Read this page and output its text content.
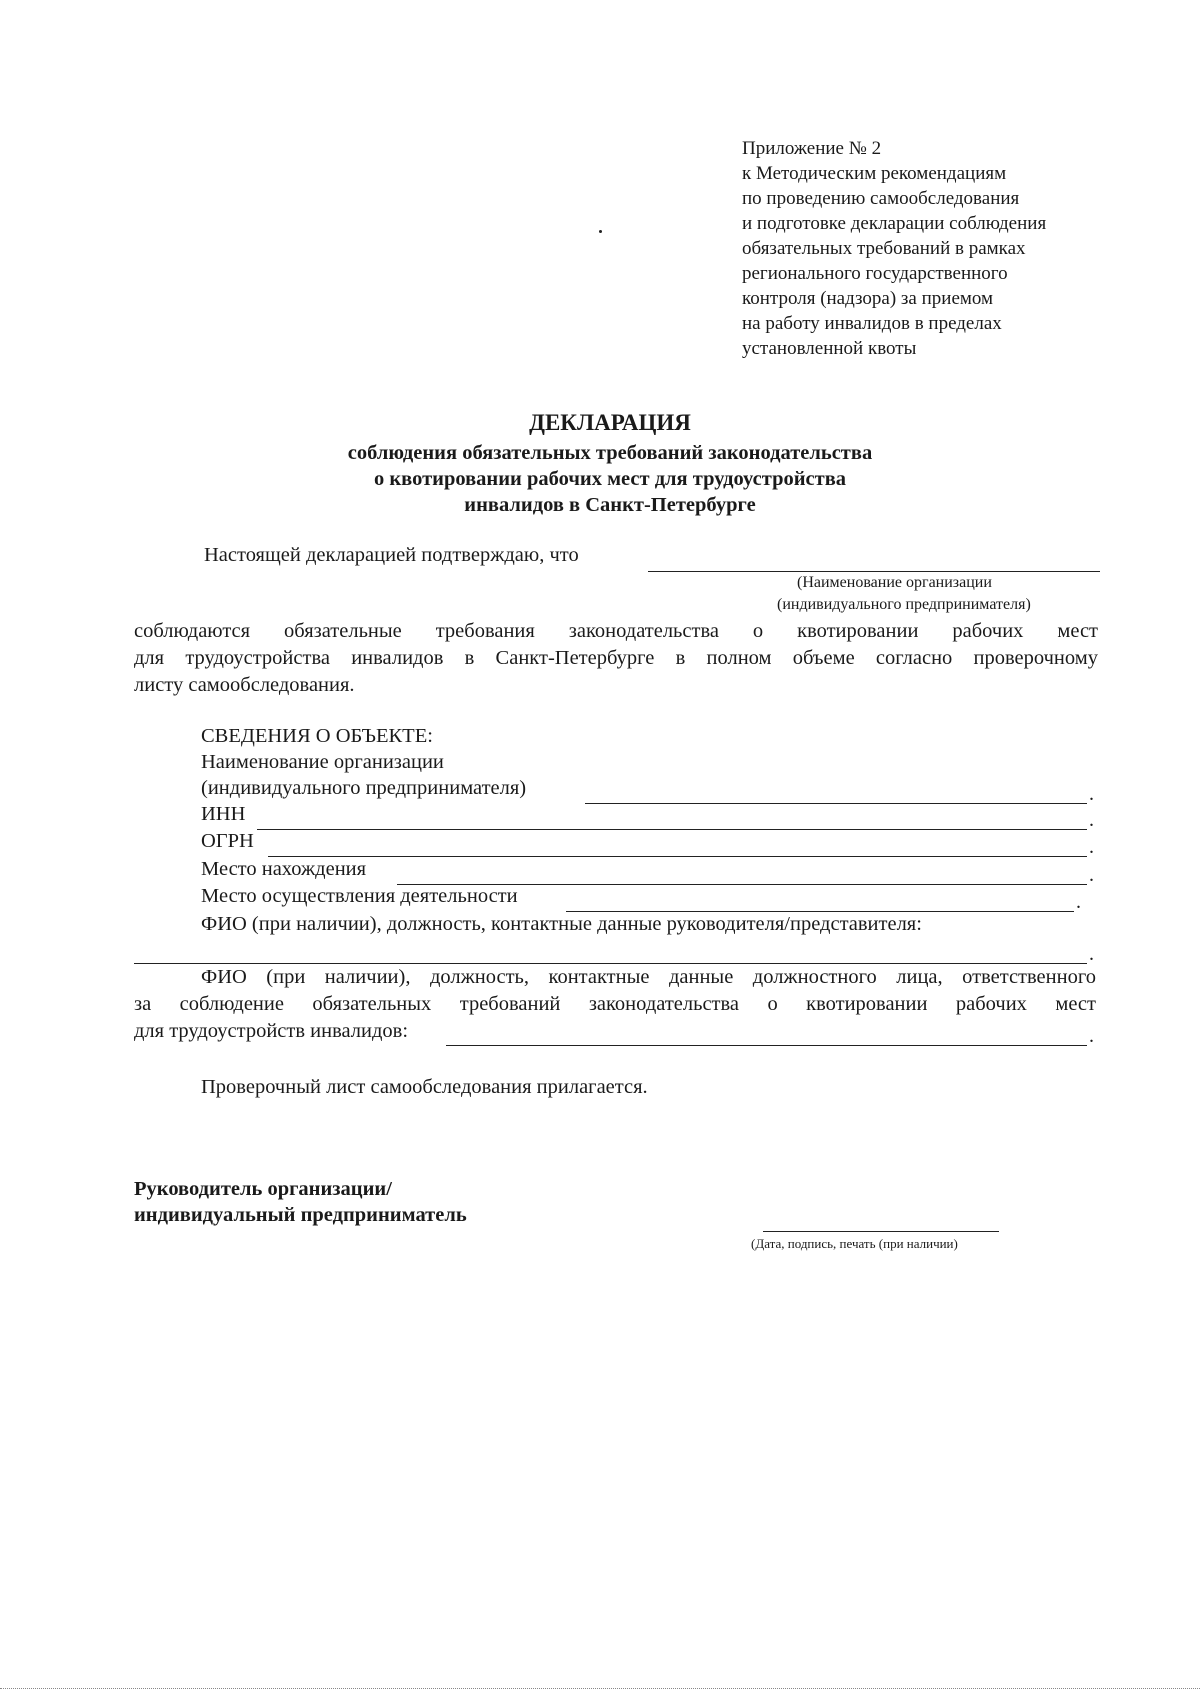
Приложение № 2
к Методическим рекомендациям
по проведению самообследования
и подготовке декларации соблюдения
обязательных требований в рамках
регионального государственного
контроля (надзора) за приемом
на работу инвалидов в пределах
установленной квоты
ДЕКЛАРАЦИЯ
соблюдения обязательных требований законодательства
о квотировании рабочих мест для трудоустройства
инвалидов в Санкт-Петербурге
Настоящей декларацией подтверждаю, что
(Наименование организации
(индивидуального предпринимателя)
соблюдаются обязательные требования законодательства о квотировании рабочих мест
для трудоустройства инвалидов в Санкт-Петербурге в полном объеме согласно проверочному
листу самообследования.
СВЕДЕНИЯ О ОБЪЕКТЕ:
Наименование организации
(индивидуального предпринимателя)	.
ИНН	.
ОГРН	.
Место нахождения	.
Место осуществления деятельности	.
ФИО (при наличии), должность, контактные данные руководителя/представителя:
.
ФИО (при наличии), должность, контактные данные должностного лица, ответственного
за соблюдение обязательных требований законодательства о квотировании рабочих мест
для трудоустройств инвалидов:	.
Проверочный лист самообследования прилагается.
Руководитель организации/
индивидуальный предприниматель
(Дата, подпись, печать (при наличии)
